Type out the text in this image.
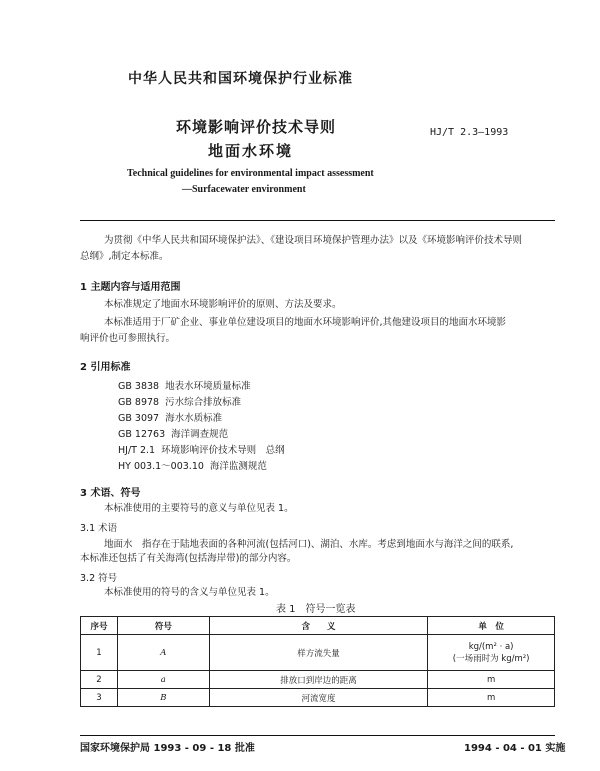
中华人民共和国环境保护行业标准
环境影响评价技术导则
地面水环境
HJ/T 2.3—1993
Technical guidelines for environmental impact assessment
—Surfacewater environment
为贯彻《中华人民共和国环境保护法》、《建设项目环境保护管理办法》以及《环境影响评价技术导则
总纲》,制定本标准。
1 主题内容与适用范围
本标准规定了地面水环境影响评价的原则、方法及要求。
本标准适用于厂矿企业、事业单位建设项目的地面水环境影响评价,其他建设项目的地面水环境影
响评价也可参照执行。
2 引用标准
GB 3838 地表水环境质量标准
GB 8978 污水综合排放标准
GB 3097 海水水质标准
GB 12763 海洋调查规范
HJ/T 2.1 环境影响评价技术导则　总纲
HY 003.1～003.10 海洋监测规范
3 术语、符号
本标准使用的主要符号的意义与单位见表 1。
3.1 术语
地面水　指存在于陆地表面的各种河流(包括河口)、湖泊、水库。考虑到地面水与海洋之间的联系,
本标准还包括了有关海湾(包括海岸带)的部分内容。
3.2 符号
本标准使用的符号的含义与单位见表 1。
表 1　符号一览表
序号	符号	含　　义	单　位
1	A	样方流失量	kg/(m² · a)
(一场雨时为 kg/m²)

2	a	排放口到岸边的距离	m
3	B	河流宽度	m
国家环境保护局 1993 - 09 - 18 批准	1994 - 04 - 01 实施
